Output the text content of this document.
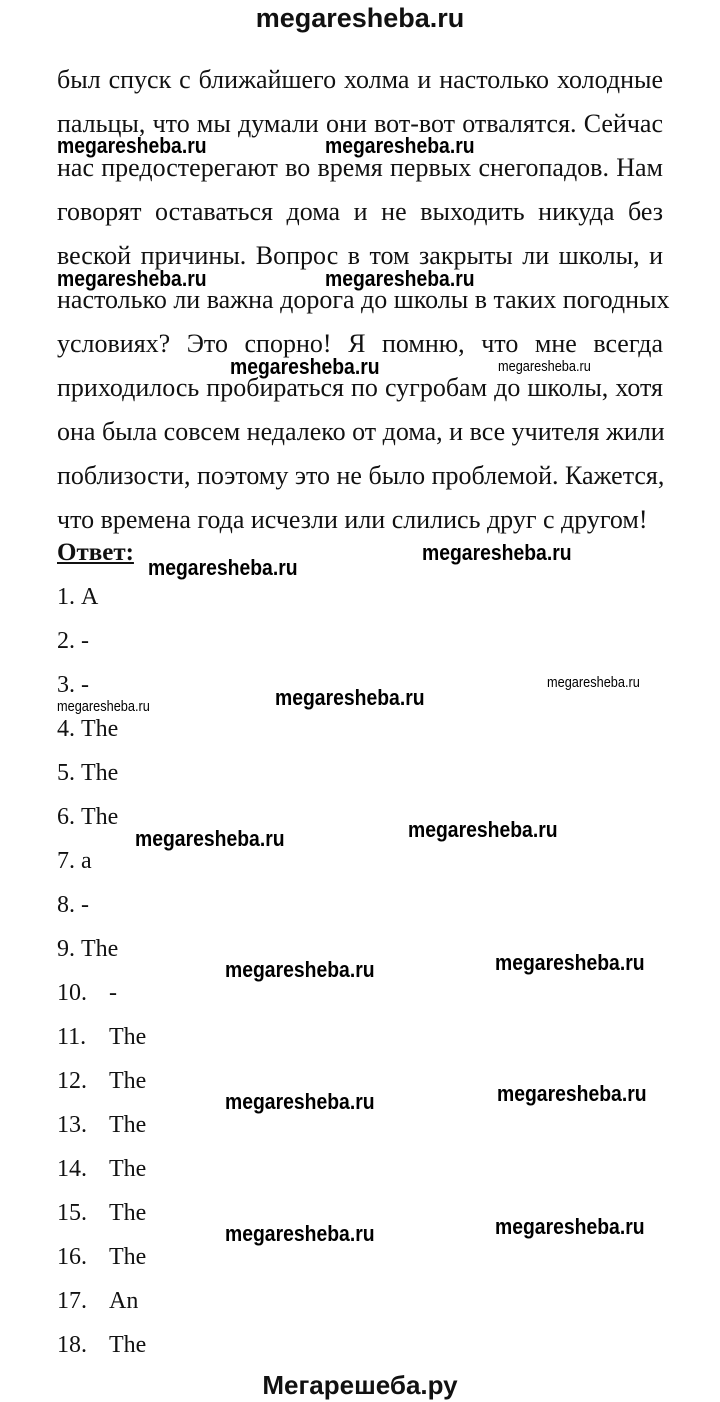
megaresheba.ru
был спуск с ближайшего холма и настолько холодные
пальцы, что мы думали они вот-вот отвалятся. Сейчас
нас предостерегают во время первых снегопадов. Нам
говорят оставаться дома и не выходить никуда без
веской причины. Вопрос в том закрыты ли школы, и
настолько ли важна дорога до школы в таких погодных
условиях? Это спорно! Я помню, что мне всегда
приходилось пробираться по сугробам до школы, хотя
она была совсем недалеко от дома, и все учителя жили
поблизости, поэтому это не было проблемой. Кажется,
что времена года исчезли или слились друг с другом!
Ответ:
1. A
2. -
3. -
4. The
5. The
6. The
7. a
8. -
9. The
10. -
11. The
12. The
13. The
14. The
15. The
16. The
17. An
18. The
megaresheba.ru	megaresheba.ru
megaresheba.ru	megaresheba.ru
megaresheba.ru	megaresheba.ru
megaresheba.ru
megaresheba.ru
megaresheba.ru	megaresheba.ru
megaresheba.ru
megaresheba.ru	megaresheba.ru
megaresheba.ru	megaresheba.ru
megaresheba.ru	megaresheba.ru
megaresheba.ru	megaresheba.ru
Мегарешеба.ру
